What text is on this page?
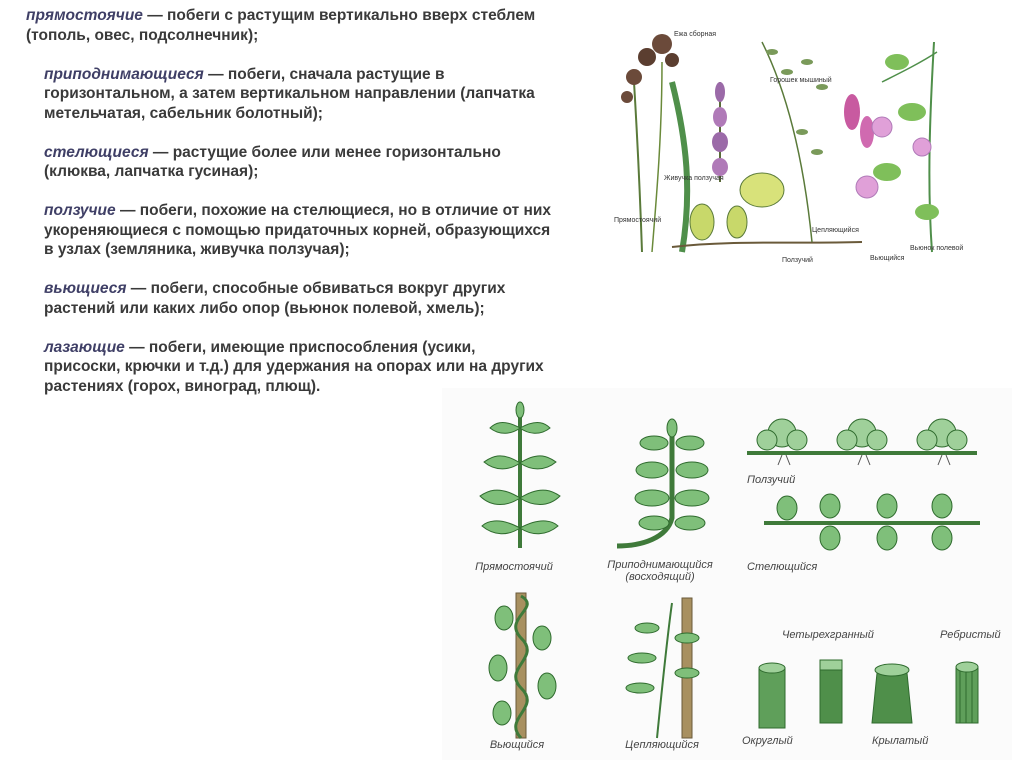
прямостоячие — побеги с растущим вертикально вверх стеблем (тополь, овес, подсолнечник);

приподнимающиеся — побеги, сначала растущие в горизонтальном, а затем вертикальном направлении (лапчатка метельчатая, сабельник болотный);

стелющиеся — растущие более или менее горизонтально (клюква, лапчатка гусиная);

ползучие — побеги, похожие на стелющиеся, но в отличие от них укореняющиеся с помощью придаточных корней, образующихся в узлах (земляника, живучка ползучая);

вьющиеся — побеги, способные обвиваться вокруг других растений или каких либо опор (вьюнок полевой, хмель);

лазающие — побеги, имеющие приспособления (усики, присоски, крючки и т.д.) для удержания на опорах или на других растениях (горох, виноград, плющ).

Ежа сборная
Горошек мышиный
Живучка ползучая
Прямостоячий
Ползучий
Цепляющийся
Вьющийся
Вьюнок полевой
Прямостоячий	Приподнимающийся
(восходящий)
Ползучий
Стелющийся
Вьющийся	Цепляющийся
Четырехгранный	Ребристый
Округлый	Крылатый
